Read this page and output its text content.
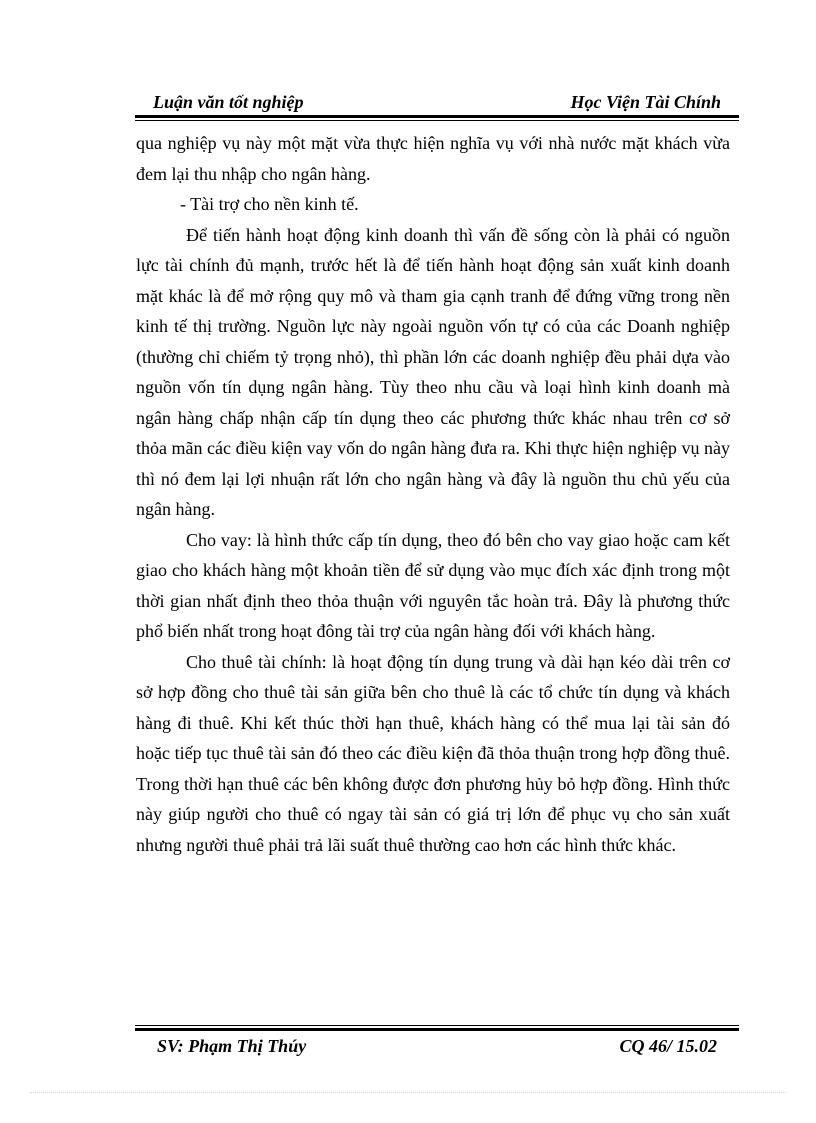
Luận văn tốt nghiệp	Học Viện Tài Chính

qua nghiệp vụ này một mặt vừa thực hiện nghĩa vụ với nhà nước mặt khách vừa đem lại thu nhập cho ngân hàng.

- Tài trợ cho nền kinh tế.

Để tiến hành hoạt động kinh doanh thì vấn đề sống còn là phải có nguồn lực tài chính đủ mạnh, trước hết là để tiến hành hoạt động sản xuất kinh doanh mặt khác là để mở rộng quy mô và tham gia cạnh tranh để đứng vững trong nền kinh tế thị trường. Nguồn lực này ngoài nguồn vốn tự có của các Doanh nghiệp (thường chỉ chiếm tỷ trọng nhỏ), thì phần lớn các doanh nghiệp đều phải dựa vào nguồn vốn tín dụng ngân hàng. Tùy theo nhu cầu và loại hình kinh doanh mà ngân hàng chấp nhận cấp tín dụng theo các phương thức khác nhau trên cơ sở thỏa mãn các điều kiện vay vốn do ngân hàng đưa ra. Khi thực hiện nghiệp vụ này thì nó đem lại lợi nhuận rất lớn cho ngân hàng và đây là nguồn thu chủ yếu của ngân hàng.

Cho vay: là hình thức cấp tín dụng, theo đó bên cho vay giao hoặc cam kết giao cho khách hàng một khoản tiền để sử dụng vào mục đích xác định trong một thời gian nhất định theo thỏa thuận với nguyên tắc hoàn trả. Đây là phương thức phổ biến nhất trong hoạt đông tài trợ của ngân hàng đối với khách hàng.

Cho thuê tài chính: là hoạt động tín dụng trung và dài hạn kéo dài trên cơ sở hợp đồng cho thuê tài sản giữa bên cho thuê là các tổ chức tín dụng và khách hàng đi thuê. Khi kết thúc thời hạn thuê, khách hàng có thể mua lại tài sản đó hoặc tiếp tục thuê tài sản đó theo các điều kiện đã thỏa thuận trong hợp đồng thuê. Trong thời hạn thuê các bên không được đơn phương hủy bỏ hợp đồng. Hình thức này giúp người cho thuê có ngay tài sản có giá trị lớn để phục vụ cho sản xuất nhưng người thuê phải trả lãi suất thuê thường cao hơn các hình thức khác.

SV: Phạm Thị Thúy	CQ 46/ 15.02
